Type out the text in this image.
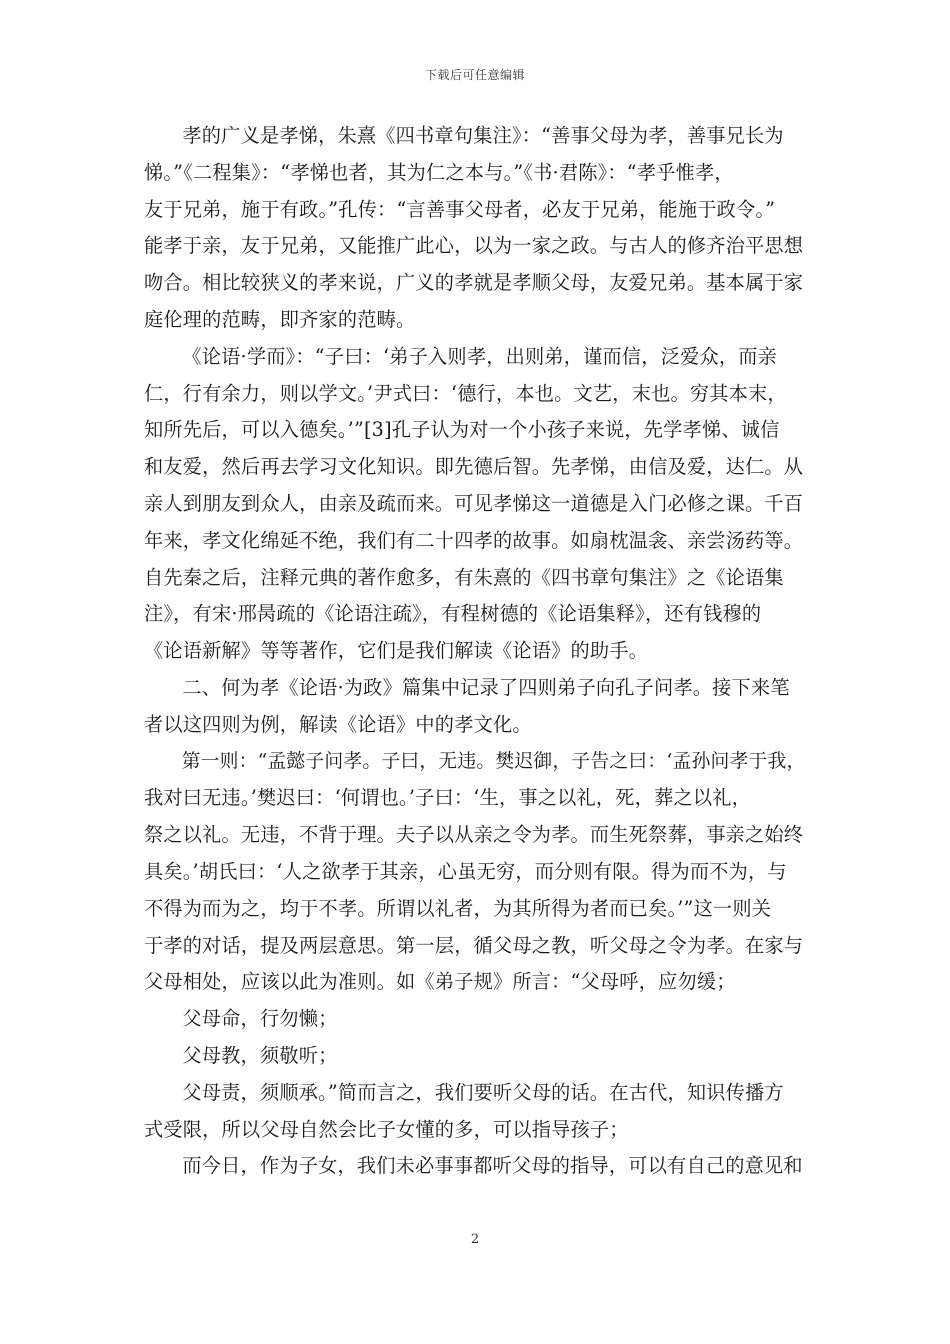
下载后可任意编辑
孝的广义是孝悌，朱熹《四书章句集注》：“善事父母为孝，善事兄长为
悌。”《二程集》：“孝悌也者，其为仁之本与。”《书·君陈》：“孝乎惟孝，
友于兄弟，施于有政。”孔传：“言善事父母者，必友于兄弟，能施于政令。”
能孝于亲，友于兄弟，又能推广此心，以为一家之政。与古人的修齐治平思想
吻合。相比较狭义的孝来说，广义的孝就是孝顺父母，友爱兄弟。基本属于家
庭伦理的范畴，即齐家的范畴。
《论语·学而》：“子曰：‘弟子入则孝，出则弟，谨而信，泛爱众，而亲
仁，行有余力，则以学文。’尹式曰：‘德行，本也。文艺，末也。穷其本末，
知所先后，可以入德矣。’”[3]孔子认为对一个小孩子来说，先学孝悌、诚信
和友爱，然后再去学习文化知识。即先德后智。先孝悌，由信及爱，达仁。从
亲人到朋友到众人，由亲及疏而来。可见孝悌这一道德是入门必修之课。千百
年来，孝文化绵延不绝，我们有二十四孝的故事。如扇枕温衾、亲尝汤药等。
自先秦之后，注释元典的著作愈多，有朱熹的《四书章句集注》之《论语集
注》，有宋·邢昺疏的《论语注疏》，有程树德的《论语集释》，还有钱穆的
《论语新解》等等著作，它们是我们解读《论语》的助手。
二、何为孝《论语·为政》篇集中记录了四则弟子向孔子问孝。接下来笔
者以这四则为例，解读《论语》中的孝文化。
第一则：“孟懿子问孝。子曰，无违。樊迟御，子告之曰：‘孟孙问孝于我，
我对曰无违。’樊迟曰：‘何谓也。’子曰：‘生，事之以礼，死，葬之以礼，
祭之以礼。无违，不背于理。夫子以从亲之令为孝。而生死祭葬，事亲之始终
具矣。’胡氏曰：‘人之欲孝于其亲，心虽无穷，而分则有限。得为而不为，与
不得为而为之，均于不孝。所谓以礼者，为其所得为者而已矣。’”这一则关
于孝的对话，提及两层意思。第一层，循父母之教，听父母之令为孝。在家与
父母相处，应该以此为准则。如《弟子规》所言：“父母呼，应勿缓；
父母命，行勿懒；
父母教，须敬听；
父母责，须顺承。”简而言之，我们要听父母的话。在古代，知识传播方
式受限，所以父母自然会比子女懂的多，可以指导孩子；
而今日，作为子女，我们未必事事都听父母的指导，可以有自己的意见和
2
